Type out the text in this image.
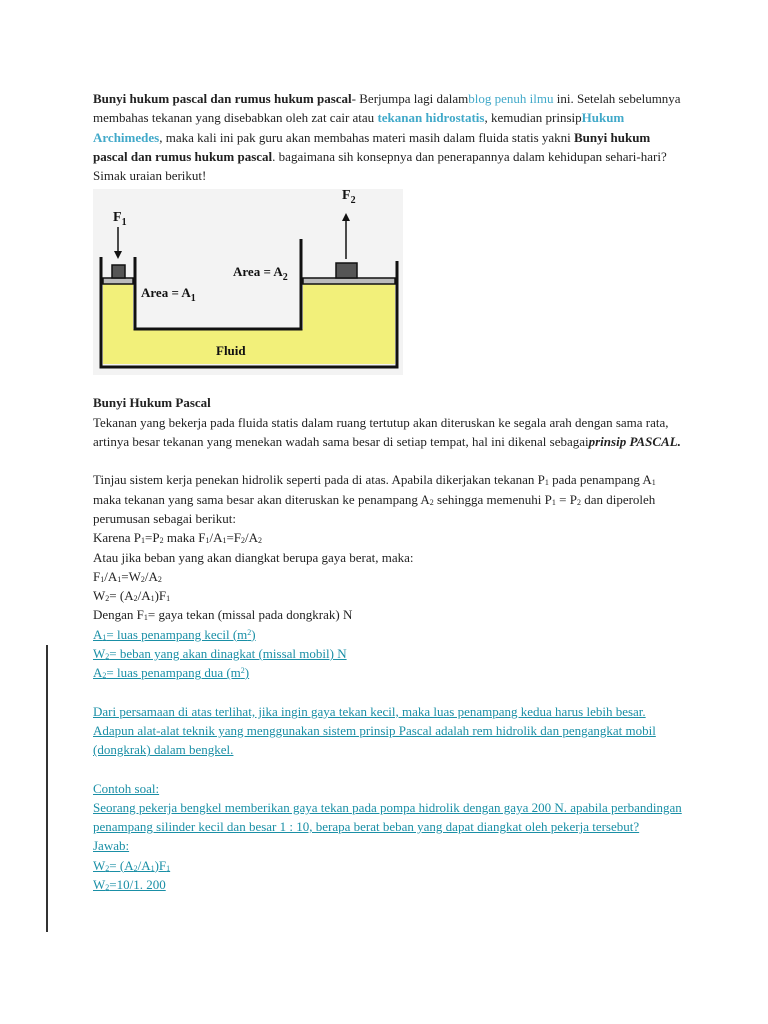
Bunyi hukum pascal dan rumus hukum pascal- Berjumpa lagi dalamblog penuh ilmu ini. Setelah sebelumnya membahas tekanan yang disebabkan oleh zat cair atau tekanan hidrostatis, kemudian prinsipHukum Archimedes, maka kali ini pak guru akan membahas materi masih dalam fluida statis yakni Bunyi hukum pascal dan rumus hukum pascal. bagaimana sih konsepnya dan penerapannya dalam kehidupan sehari-hari? Simak uraian berikut!

$F_1$
$F_2$
Area = $A_1$
Area = $A_2$
Fluid

Bunyi Hukum Pascal

Tekanan yang bekerja pada fluida statis dalam ruang tertutup akan diteruskan ke segala arah dengan sama rata, artinya besar tekanan yang menekan wadah sama besar di setiap tempat, hal ini dikenal sebagaiprinsip PASCAL.

Tinjau sistem kerja penekan hidrolik seperti pada di atas. Apabila dikerjakan tekanan $P_1$ pada penampang $A_1$ maka tekanan yang sama besar akan diteruskan ke penampang $A_2$ sehingga memenuhi $P_1 = P_2$ dan diperoleh perumusan sebagai berikut:

Karena $P_1=P_2$ maka $F_1/A_1=F_2/A_2$

Atau jika beban yang akan diangkat berupa gaya berat, maka:

$F_1/A_1=W_2/A_2$

$W_2= (A_2/A_1)F_1$

Dengan $F_1=$ gaya tekan (missal pada dongkrak) N

$A_1=$ luas penampang kecil $(m^2)$

$W_2=$ beban yang akan dinagkat (missal mobil) N

$A_2=$ luas penampang dua $(m^2)$

Dari persamaan di atas terlihat, jika ingin gaya tekan kecil, maka luas penampang kedua harus lebih besar. Adapun alat-alat teknik yang menggunakan sistem prinsip Pascal adalah rem hidrolik dan pengangkat mobil (dongkrak) dalam bengkel.

Contoh soal:

Seorang pekerja bengkel memberikan gaya tekan pada pompa hidrolik dengan gaya 200 N. apabila perbandingan penampang silinder kecil dan besar 1 : 10, berapa berat beban yang dapat diangkat oleh pekerja tersebut?

Jawab:

$W_2= (A_2/A_1)F_1$

$W_2=10/1$. 200
